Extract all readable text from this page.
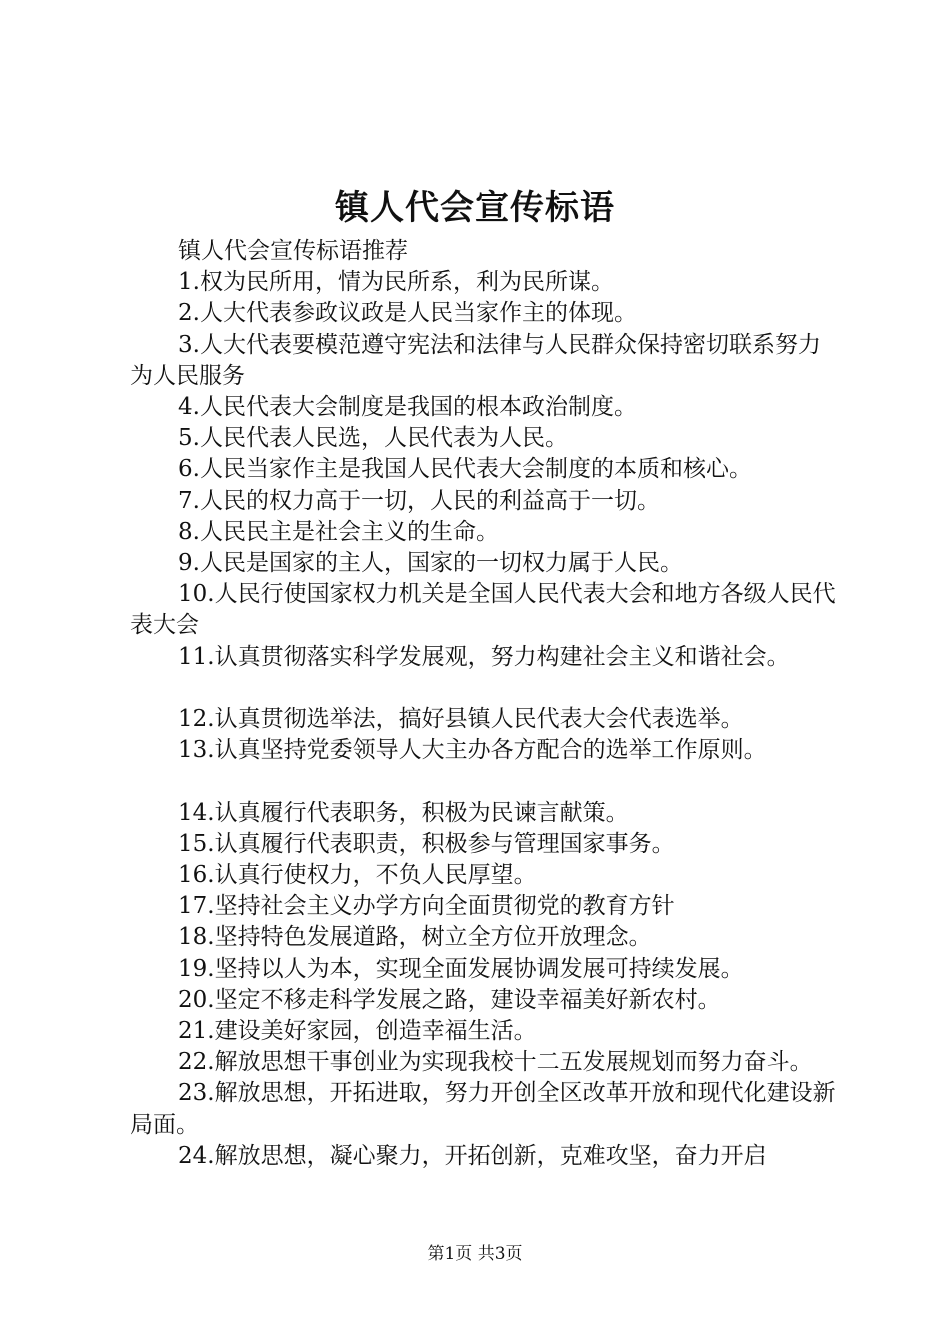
镇人代会宣传标语

镇人代会宣传标语推荐

1.权为民所用，情为民所系，利为民所谋。

2.人大代表参政议政是人民当家作主的体现。

3.人大代表要模范遵守宪法和法律与人民群众保持密切联系努力为人民服务

4.人民代表大会制度是我国的根本政治制度。

5.人民代表人民选，人民代表为人民。

6.人民当家作主是我国人民代表大会制度的本质和核心。

7.人民的权力高于一切，人民的利益高于一切。

8.人民民主是社会主义的生命。

9.人民是国家的主人，国家的一切权力属于人民。

10.人民行使国家权力机关是全国人民代表大会和地方各级人民代表大会

11.认真贯彻落实科学发展观，努力构建社会主义和谐社会。

12.认真贯彻选举法，搞好县镇人民代表大会代表选举。

13.认真坚持党委领导人大主办各方配合的选举工作原则。

14.认真履行代表职务，积极为民谏言献策。

15.认真履行代表职责，积极参与管理国家事务。

16.认真行使权力，不负人民厚望。

17.坚持社会主义办学方向全面贯彻党的教育方针

18.坚持特色发展道路，树立全方位开放理念。

19.坚持以人为本，实现全面发展协调发展可持续发展。

20.坚定不移走科学发展之路，建设幸福美好新农村。

21.建设美好家园，创造幸福生活。

22.解放思想干事创业为实现我校十二五发展规划而努力奋斗。

23.解放思想，开拓进取，努力开创全区改革开放和现代化建设新局面。

24.解放思想，凝心聚力，开拓创新，克难攻坚，奋力开启

第1页 共3页
